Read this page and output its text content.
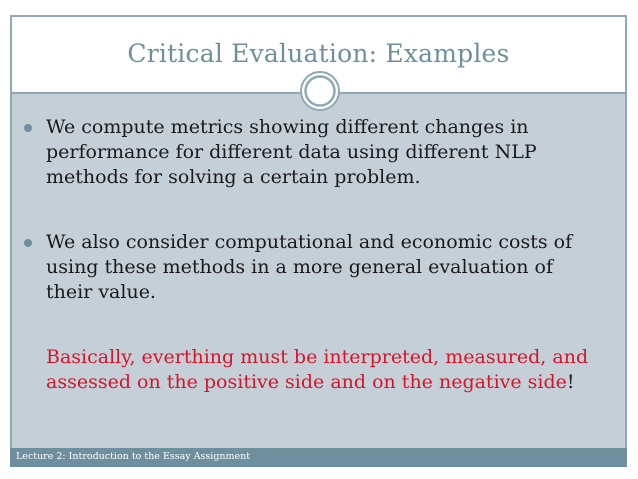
Critical Evaluation: Examples
We compute metrics showing different changes in performance for different data using different NLP methods for solving a certain problem.
We also consider computational and economic costs of using these methods in a more general evaluation of their value.
Basically, everthing must be interpreted, measured, and assessed on the positive side and on the negative side!
Lecture 2: Introduction to the Essay Assignment
